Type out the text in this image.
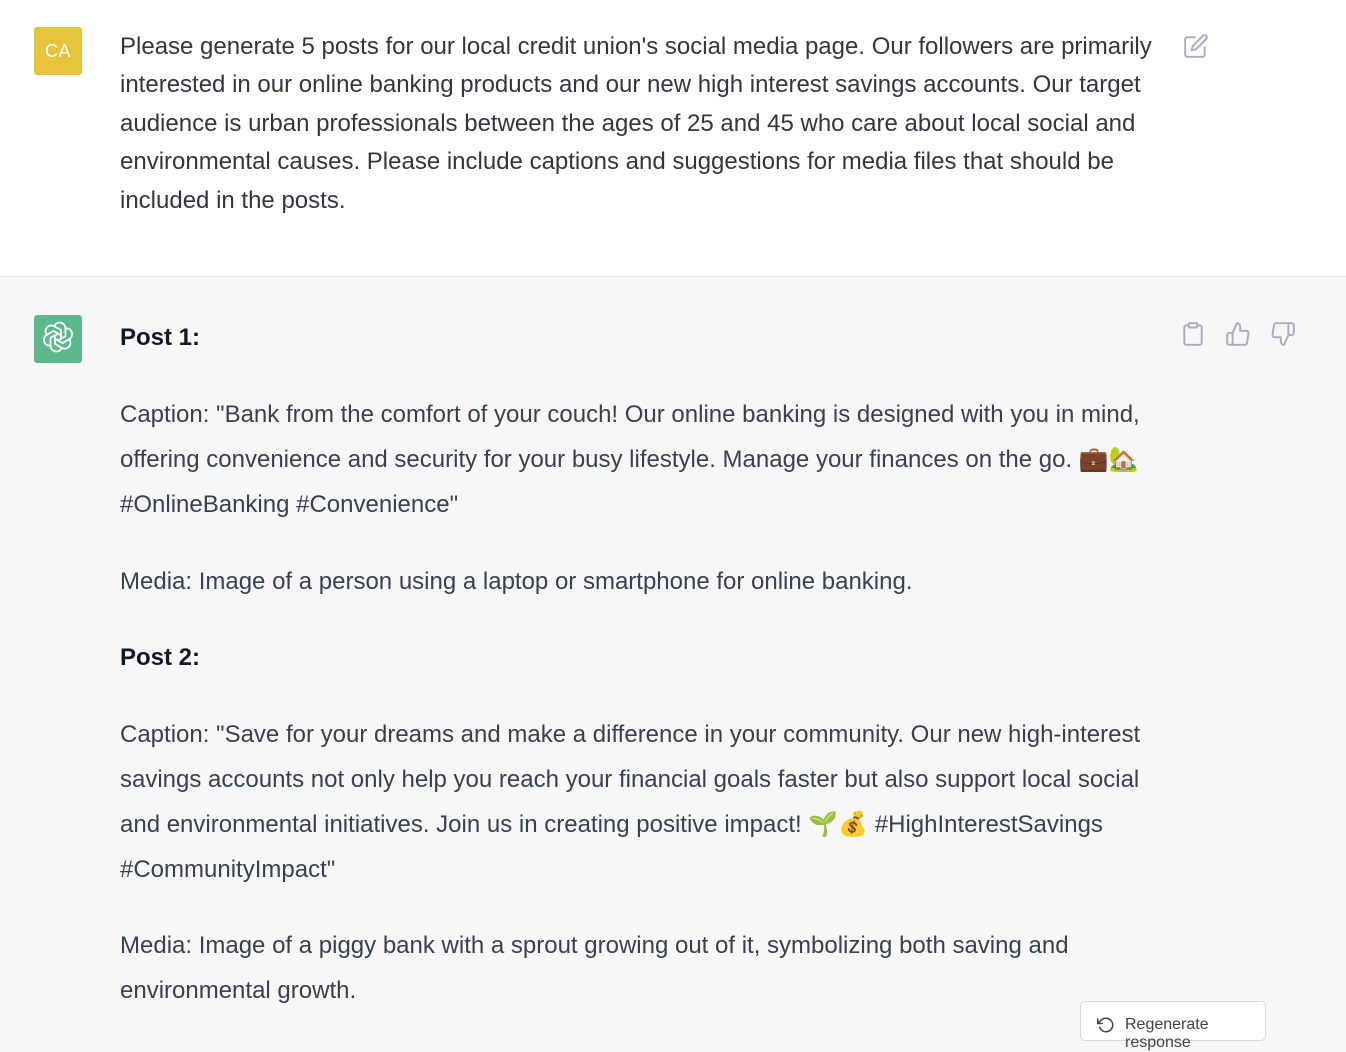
CA Please generate 5 posts for our local credit union's social media page. Our followers are primarily interested in our online banking products and our new high interest savings accounts. Our target audience is urban professionals between the ages of 25 and 45 who care about local social and environmental causes. Please include captions and suggestions for media files that should be included in the posts.

Post 1:

Caption: "Bank from the comfort of your couch! Our online banking is designed with you in mind, offering convenience and security for your busy lifestyle. Manage your finances on the go. 💼🏡 #OnlineBanking #Convenience"

Media: Image of a person using a laptop or smartphone for online banking.

Post 2:

Caption: "Save for your dreams and make a difference in your community. Our new high-interest savings accounts not only help you reach your financial goals faster but also support local social and environmental initiatives. Join us in creating positive impact! 🌱💰 #HighInterestSavings #CommunityImpact"

Media: Image of a piggy bank with a sprout growing out of it, symbolizing both saving and environmental growth.

Regenerate response
